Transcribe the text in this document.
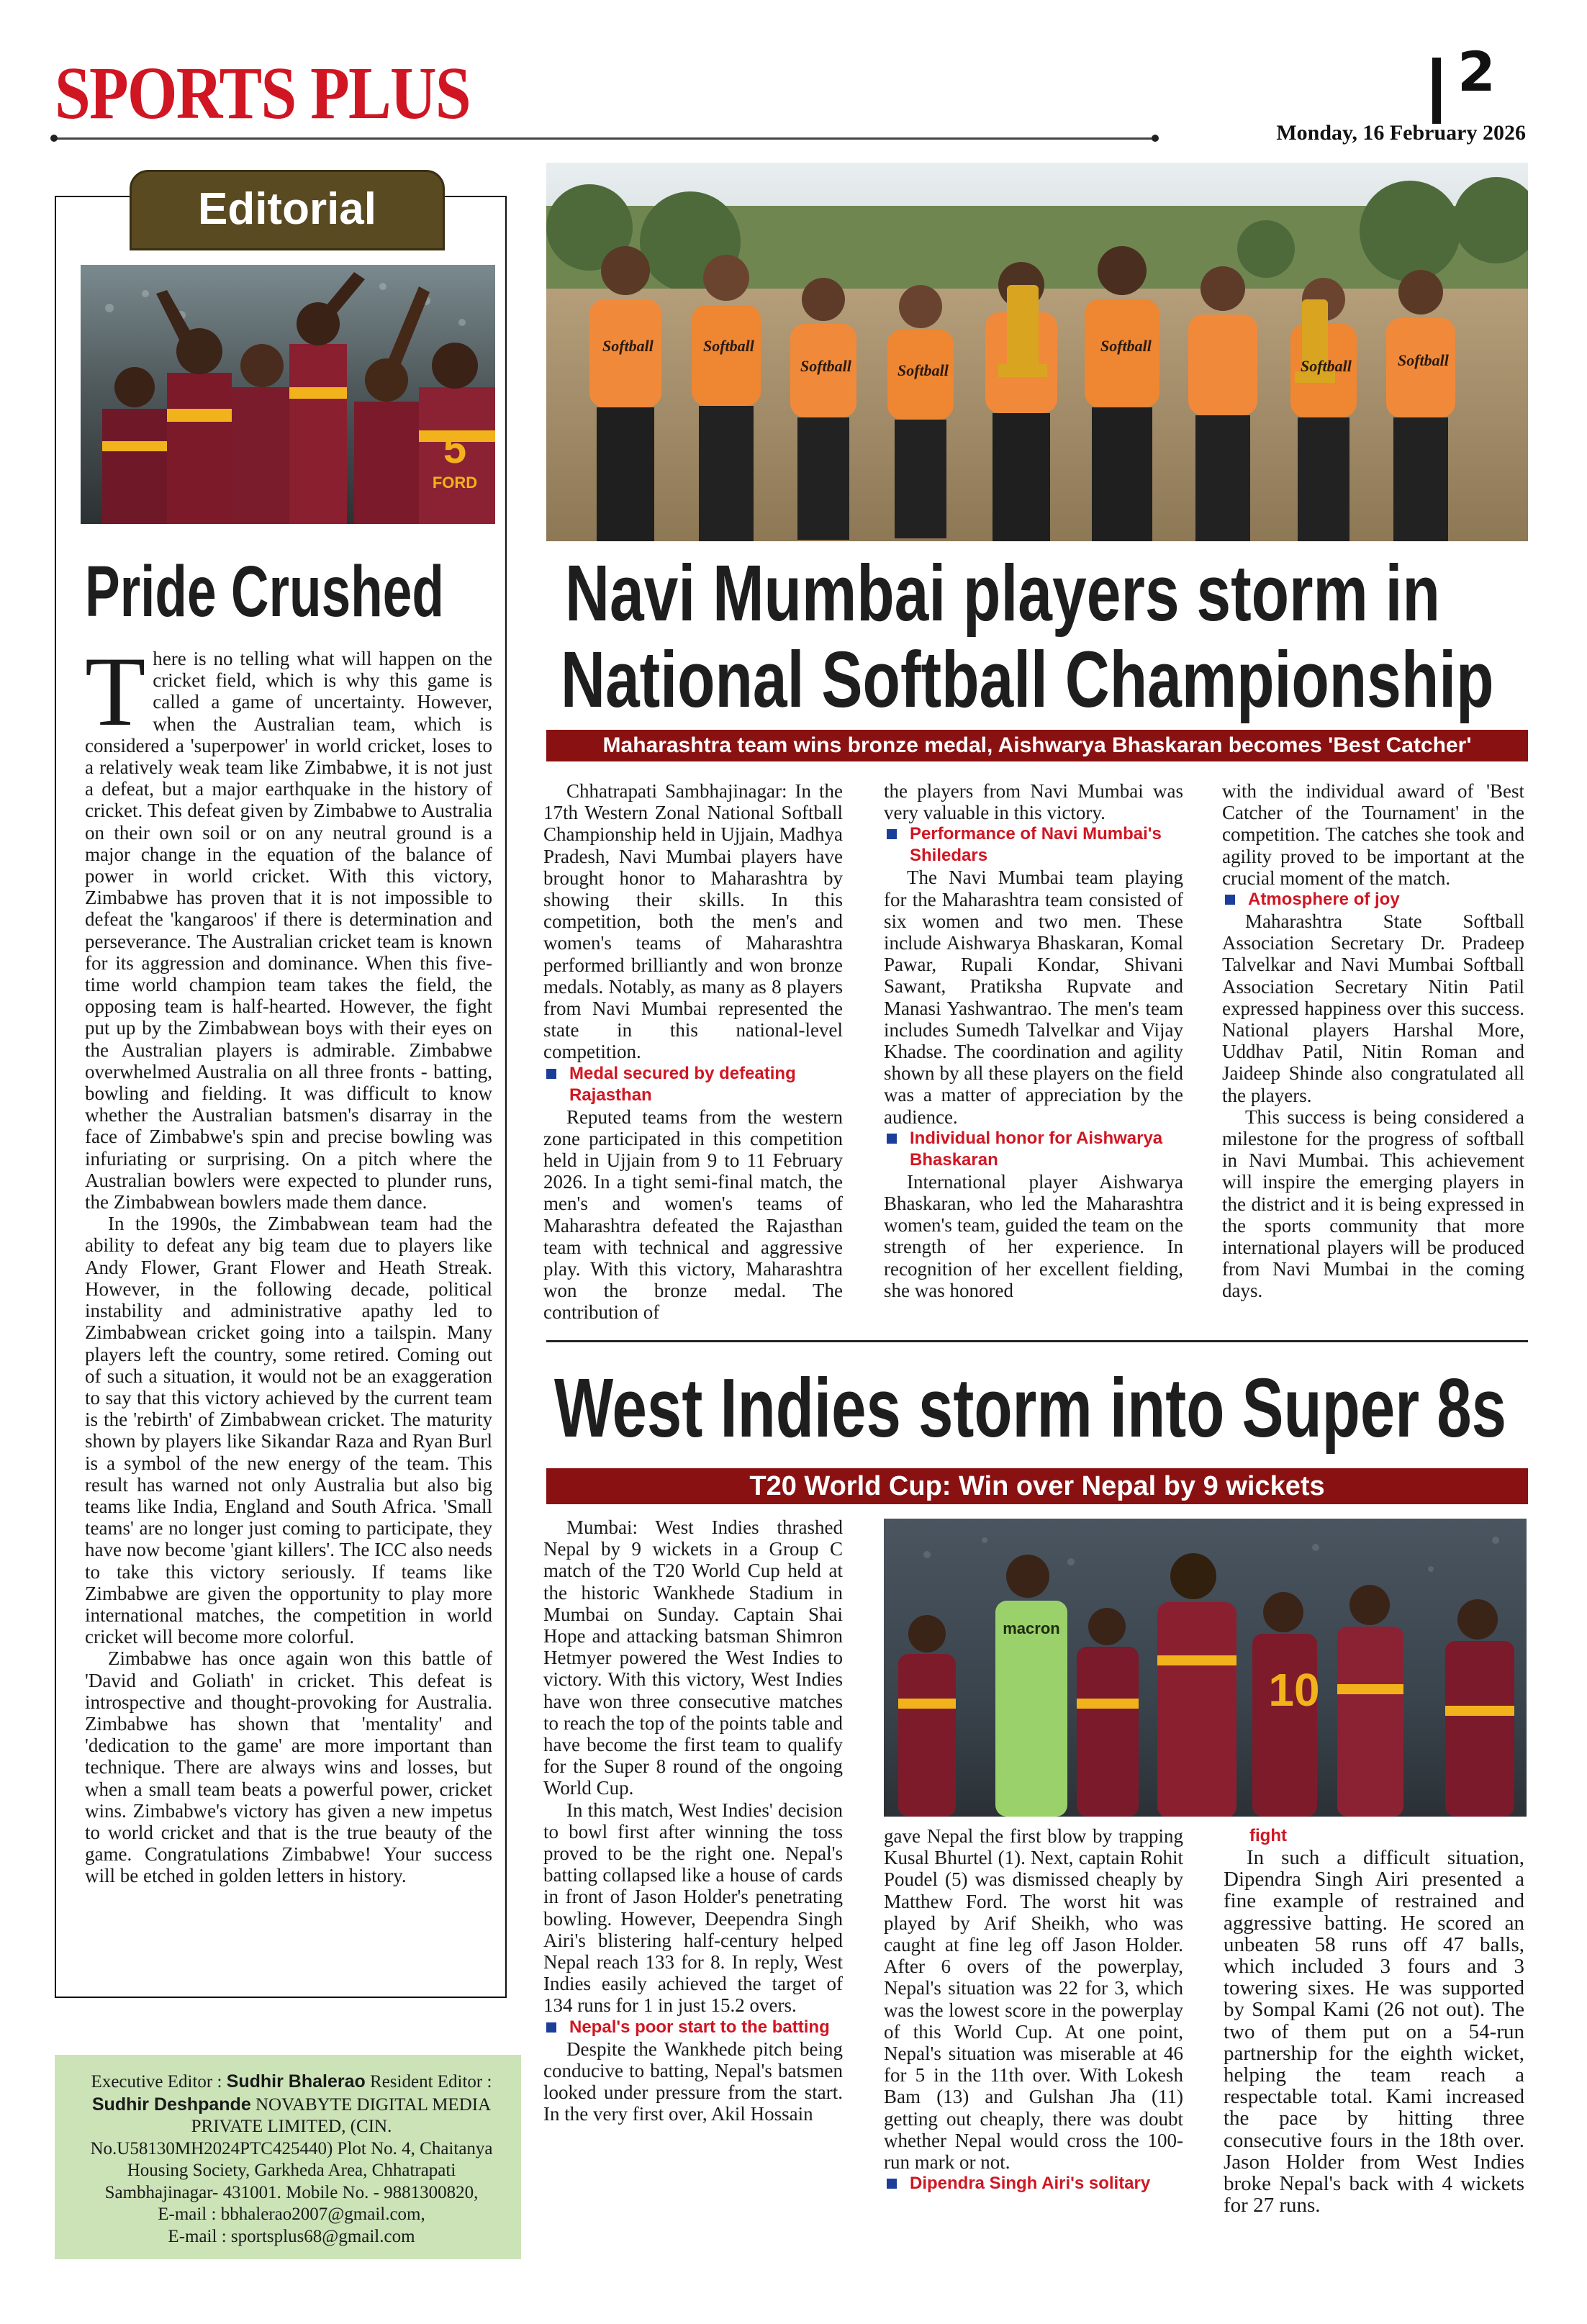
SPORTS PLUS	2
Monday, 16 February 2026
Editorial
5
FORD
Pride Crushed
T here is no telling what will happen on the cricket field, which is why this game is called a game of uncertainty. However, when the Australian team, which is considered a 'superpower' in world cricket, loses to a relatively weak team like Zimbabwe, it is not just a defeat, but a major earthquake in the history of cricket. This defeat given by Zimbabwe to Australia on their own soil or on any neutral ground is a major change in the equation of the balance of power in world cricket. With this victory, Zimbabwe has proven that it is not impossible to defeat the 'kangaroos' if there is determination and perseverance. The Australian cricket team is known for its aggression and dominance. When this five-time world champion team takes the field, the opposing team is half-hearted. However, the fight put up by the Zimbabwean boys with their eyes on the Australian players is admirable. Zimbabwe overwhelmed Australia on all three fronts - batting, bowling and fielding. It was difficult to know whether the Australian batsmen's disarray in the face of Zimbabwe's spin and precise bowling was infuriating or surprising. On a pitch where the Australian bowlers were expected to plunder runs, the Zimbabwean bowlers made them dance.

In the 1990s, the Zimbabwean team had the ability to defeat any big team due to players like Andy Flower, Grant Flower and Heath Streak. However, in the following decade, political instability and administrative apathy led to Zimbabwean cricket going into a tailspin. Many players left the country, some retired. Coming out of such a situation, it would not be an exaggeration to say that this victory achieved by the current team is the 'rebirth' of Zimbabwean cricket. The maturity shown by players like Sikandar Raza and Ryan Burl is a symbol of the new energy of the team. This result has warned not only Australia but also big teams like India, England and South Africa. 'Small teams' are no longer just coming to participate, they have now become 'giant killers'. The ICC also needs to take this victory seriously. If teams like Zimbabwe are given the opportunity to play more international matches, the competition in world cricket will become more colorful.

Zimbabwe has once again won this battle of 'David and Goliath' in cricket. This defeat is introspective and thought-provoking for Australia. Zimbabwe has shown that 'mentality' and 'dedication to the game' are more important than technique. There are always wins and losses, but when a small team beats a powerful power, cricket wins. Zimbabwe's victory has given a new impetus to world cricket and that is the true beauty of the game. Congratulations Zimbabwe! Your success will be etched in golden letters in history.

Executive Editor : Sudhir Bhalerao Resident Editor : Sudhir Deshpande NOVABYTE DIGITAL MEDIA PRIVATE LIMITED, (CIN. No.U58130MH2024PTC425440) Plot No. 4, Chaitanya Housing Society, Garkheda Area, Chhatrapati Sambhajinagar- 431001. Mobile No. - 9881300820,
E-mail : bbhalerao2007@gmail.com,
E-mail : sportsplus68@gmail.com
Softball	Softball
Softball	Softball
Softball
Softball	Softball
Navi Mumbai players storm in
National Softball Championship
Maharashtra team wins bronze medal, Aishwarya Bhaskaran becomes 'Best Catcher'

Chhatrapati Sambhajinagar: In the 17th Western Zonal National Softball Championship held in Ujjain, Madhya Pradesh, Navi Mumbai players have brought honor to Maharashtra by showing their skills. In this competition, both the men's and women's teams of Maharashtra performed brilliantly and won bronze medals. Notably, as many as 8 players from Navi Mumbai represented the state in this national-level competition.

Medal secured by defeating Rajasthan

Reputed teams from the western zone participated in this competition held in Ujjain from 9 to 11 February 2026. In a tight semi-final match, the men's and women's teams of Maharashtra defeated the Rajasthan team with technical and aggressive play. With this victory, Maharashtra won the bronze medal. The contribution of

the players from Navi Mumbai was very valuable in this victory.

Performance of Navi Mumbai's Shiledars

The Navi Mumbai team playing for the Maharashtra team consisted of six women and two men. These include Aishwarya Bhaskaran, Komal Pawar, Rupali Kondar, Shivani Sawant, Pratiksha Rupvate and Manasi Yashwantrao. The men's team includes Sumedh Talvelkar and Vijay Khadse. The coordination and agility shown by all these players on the field was a matter of appreciation by the audience.

Individual honor for Aishwarya Bhaskaran

International player Aishwarya Bhaskaran, who led the Maharashtra women's team, guided the team on the strength of her experience. In recognition of her excellent fielding, she was honored

with the individual award of 'Best Catcher of the Tournament' in the competition. The catches she took and agility proved to be important at the crucial moment of the match.

Atmosphere of joy

Maharashtra State Softball Association Secretary Dr. Pradeep Talvelkar and Navi Mumbai Softball Association Secretary Nitin Patil expressed happiness over this success. National players Harshal More, Uddhav Patil, Nitin Roman and Jaideep Shinde also congratulated all the players.

This success is being considered a milestone for the progress of softball in Navi Mumbai. This achievement will inspire the emerging players in the district and it is being expressed in the sports community that more international players will be produced from Navi Mumbai in the coming days.

West Indies storm into Super 8s
T20 World Cup: Win over Nepal by 9 wickets
macron
10

Mumbai: West Indies thrashed Nepal by 9 wickets in a Group C match of the T20 World Cup held at the historic Wankhede Stadium in Mumbai on Sunday. Captain Shai Hope and attacking batsman Shimron Hetmyer powered the West Indies to victory. With this victory, West Indies have won three consecutive matches to reach the top of the points table and have become the first team to qualify for the Super 8 round of the ongoing World Cup.

In this match, West Indies' decision to bowl first after winning the toss proved to be the right one. Nepal's batting collapsed like a house of cards in front of Jason Holder's penetrating bowling. However, Deependra Singh Airi's blistering half-century helped Nepal reach 133 for 8. In reply, West Indies easily achieved the target of 134 runs for 1 in just 15.2 overs.

Nepal's poor start to the batting

Despite the Wankhede pitch being conducive to batting, Nepal's batsmen looked under pressure from the start. In the very first over, Akil Hossain

gave Nepal the first blow by trapping Kusal Bhurtel (1). Next, captain Rohit Poudel (5) was dismissed cheaply by Matthew Ford. The worst hit was played by Arif Sheikh, who was caught at fine leg off Jason Holder. After 6 overs of the powerplay, Nepal's situation was 22 for 3, which was the lowest score in the powerplay of this World Cup. At one point, Nepal's situation was miserable at 46 for 5 in the 11th over. With Lokesh Bam (13) and Gulshan Jha (11) getting out cheaply, there was doubt whether Nepal would cross the 100-run mark or not.

Dipendra Singh Airi's solitary
fight

In such a difficult situation, Dipendra Singh Airi presented a fine example of restrained and aggressive batting. He scored an unbeaten 58 runs off 47 balls, which included 3 fours and 3 towering sixes. He was supported by Sompal Kami (26 not out). The two of them put on a 54-run partnership for the eighth wicket, helping the team reach a respectable total. Kami increased the pace by hitting three consecutive fours in the 18th over. Jason Holder from West Indies broke Nepal's back with 4 wickets for 27 runs.
